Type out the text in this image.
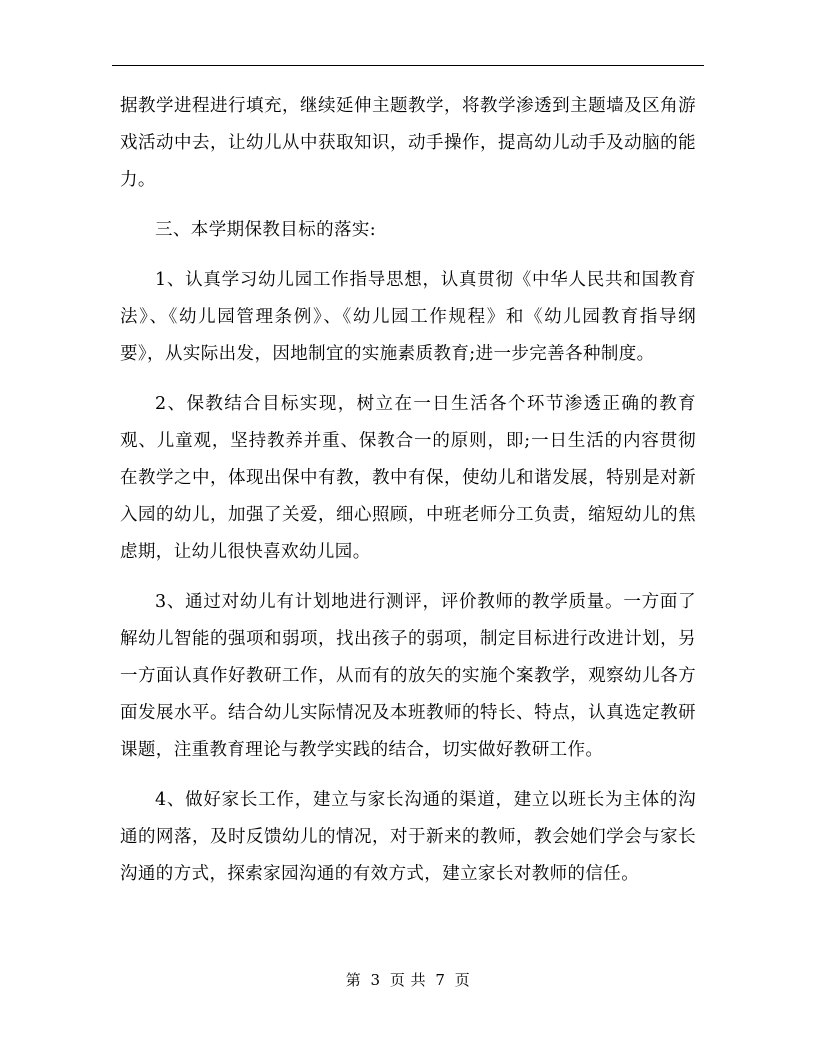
据教学进程进行填充，继续延伸主题教学，将教学渗透到主题墙及区角游戏活动中去，让幼儿从中获取知识，动手操作，提高幼儿动手及动脑的能力。

三、本学期保教目标的落实:

1、认真学习幼儿园工作指导思想，认真贯彻《中华人民共和国教育法》、《幼儿园管理条例》、《幼儿园工作规程》和《幼儿园教育指导纲要》，从实际出发，因地制宜的实施素质教育;进一步完善各种制度。

2、保教结合目标实现，树立在一日生活各个环节渗透正确的教育观、儿童观，坚持教养并重、保教合一的原则，即;一日生活的内容贯彻在教学之中，体现出保中有教，教中有保，使幼儿和谐发展，特别是对新入园的幼儿，加强了关爱，细心照顾，中班老师分工负责，缩短幼儿的焦虑期，让幼儿很快喜欢幼儿园。

3、通过对幼儿有计划地进行测评，评价教师的教学质量。一方面了解幼儿智能的强项和弱项，找出孩子的弱项，制定目标进行改进计划，另一方面认真作好教研工作，从而有的放矢的实施个案教学，观察幼儿各方面发展水平。结合幼儿实际情况及本班教师的特长、特点，认真选定教研课题，注重教育理论与教学实践的结合，切实做好教研工作。

4、做好家长工作，建立与家长沟通的渠道，建立以班长为主体的沟通的网落，及时反馈幼儿的情况，对于新来的教师，教会她们学会与家长沟通的方式，探索家园沟通的有效方式，建立家长对教师的信任。

第 3 页 共 7 页
